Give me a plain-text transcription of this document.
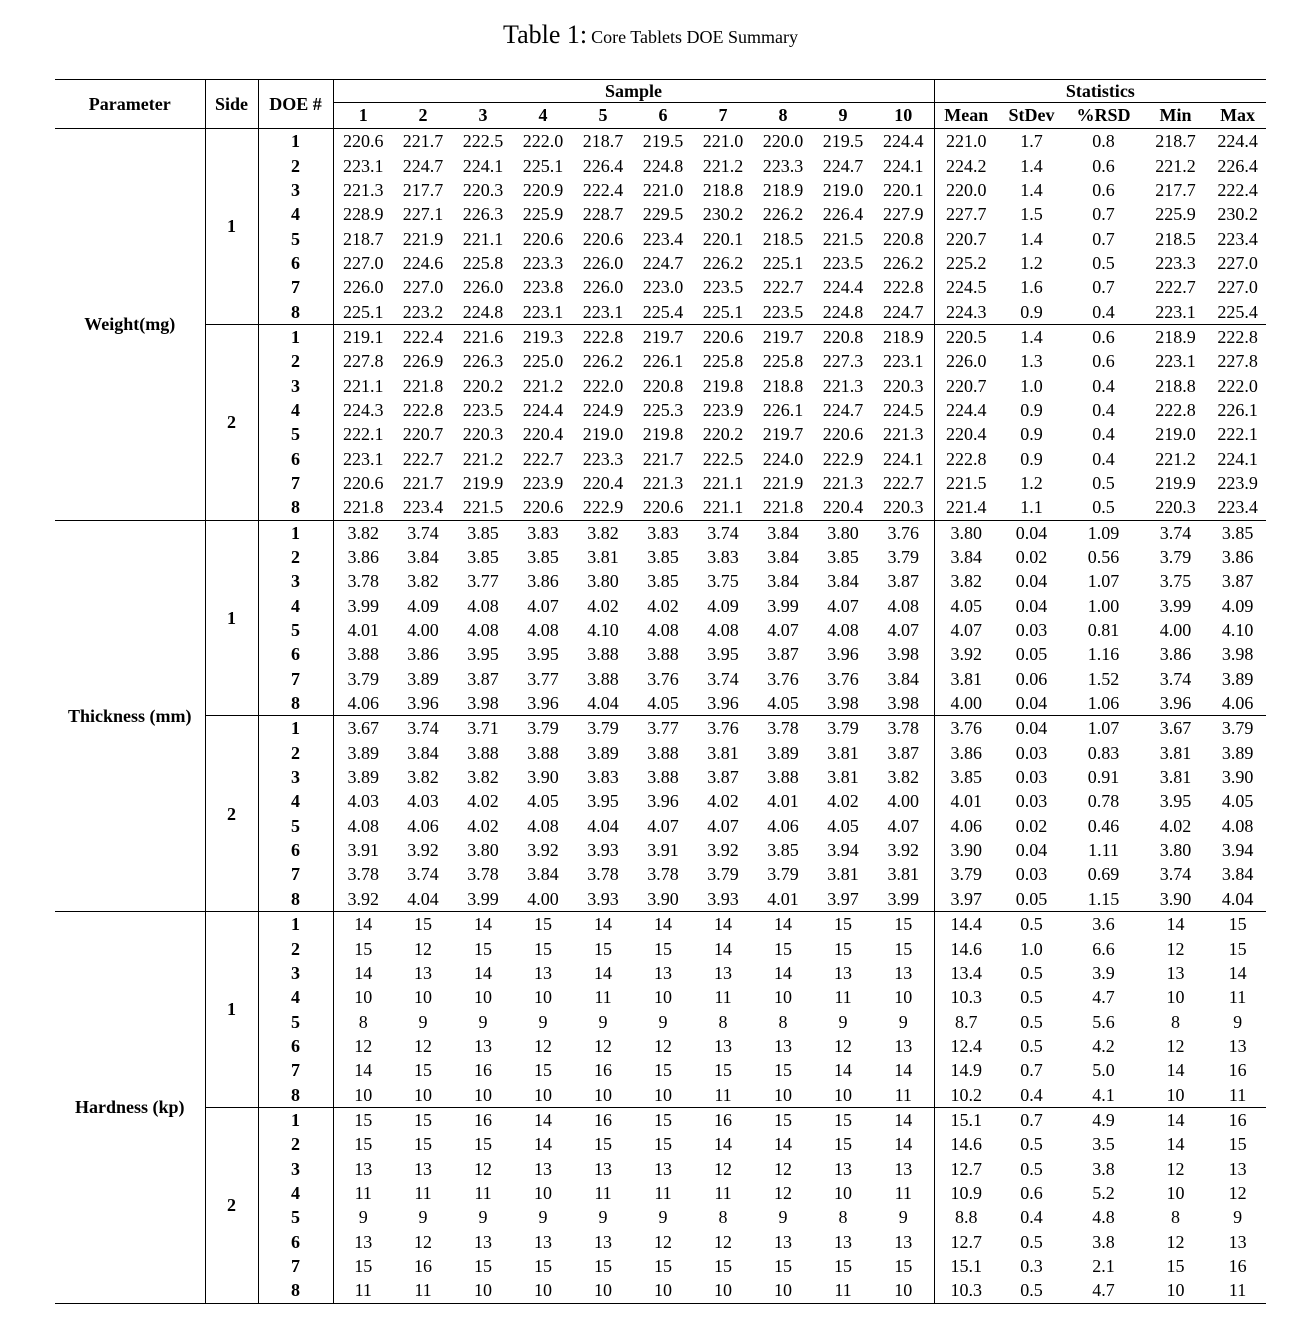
Table 1: Core Tablets DOE Summary
Parameter	Side	DOE #	Sample										Statistics				
			1	2	3	4	5	6	7	8	9	10	Mean	StDev	%RSD	Min	Max
Weight(mg)	1	1	220.6	221.7	222.5	222.0	218.7	219.5	221.0	220.0	219.5	224.4	221.0	1.7	0.8	218.7	224.4
		2	223.1	224.7	224.1	225.1	226.4	224.8	221.2	223.3	224.7	224.1	224.2	1.4	0.6	221.2	226.4
		3	221.3	217.7	220.3	220.9	222.4	221.0	218.8	218.9	219.0	220.1	220.0	1.4	0.6	217.7	222.4
		4	228.9	227.1	226.3	225.9	228.7	229.5	230.2	226.2	226.4	227.9	227.7	1.5	0.7	225.9	230.2
		5	218.7	221.9	221.1	220.6	220.6	223.4	220.1	218.5	221.5	220.8	220.7	1.4	0.7	218.5	223.4
		6	227.0	224.6	225.8	223.3	226.0	224.7	226.2	225.1	223.5	226.2	225.2	1.2	0.5	223.3	227.0
		7	226.0	227.0	226.0	223.8	226.0	223.0	223.5	222.7	224.4	222.8	224.5	1.6	0.7	222.7	227.0
		8	225.1	223.2	224.8	223.1	223.1	225.4	225.1	223.5	224.8	224.7	224.3	0.9	0.4	223.1	225.4
	2	1	219.1	222.4	221.6	219.3	222.8	219.7	220.6	219.7	220.8	218.9	220.5	1.4	0.6	218.9	222.8
		2	227.8	226.9	226.3	225.0	226.2	226.1	225.8	225.8	227.3	223.1	226.0	1.3	0.6	223.1	227.8
		3	221.1	221.8	220.2	221.2	222.0	220.8	219.8	218.8	221.3	220.3	220.7	1.0	0.4	218.8	222.0
		4	224.3	222.8	223.5	224.4	224.9	225.3	223.9	226.1	224.7	224.5	224.4	0.9	0.4	222.8	226.1
		5	222.1	220.7	220.3	220.4	219.0	219.8	220.2	219.7	220.6	221.3	220.4	0.9	0.4	219.0	222.1
		6	223.1	222.7	221.2	222.7	223.3	221.7	222.5	224.0	222.9	224.1	222.8	0.9	0.4	221.2	224.1
		7	220.6	221.7	219.9	223.9	220.4	221.3	221.1	221.9	221.3	222.7	221.5	1.2	0.5	219.9	223.9
		8	221.8	223.4	221.5	220.6	222.9	220.6	221.1	221.8	220.4	220.3	221.4	1.1	0.5	220.3	223.4
Thickness (mm)	1	1	3.82	3.74	3.85	3.83	3.82	3.83	3.74	3.84	3.80	3.76	3.80	0.04	1.09	3.74	3.85
		2	3.86	3.84	3.85	3.85	3.81	3.85	3.83	3.84	3.85	3.79	3.84	0.02	0.56	3.79	3.86
		3	3.78	3.82	3.77	3.86	3.80	3.85	3.75	3.84	3.84	3.87	3.82	0.04	1.07	3.75	3.87
		4	3.99	4.09	4.08	4.07	4.02	4.02	4.09	3.99	4.07	4.08	4.05	0.04	1.00	3.99	4.09
		5	4.01	4.00	4.08	4.08	4.10	4.08	4.08	4.07	4.08	4.07	4.07	0.03	0.81	4.00	4.10
		6	3.88	3.86	3.95	3.95	3.88	3.88	3.95	3.87	3.96	3.98	3.92	0.05	1.16	3.86	3.98
		7	3.79	3.89	3.87	3.77	3.88	3.76	3.74	3.76	3.76	3.84	3.81	0.06	1.52	3.74	3.89
		8	4.06	3.96	3.98	3.96	4.04	4.05	3.96	4.05	3.98	3.98	4.00	0.04	1.06	3.96	4.06
	2	1	3.67	3.74	3.71	3.79	3.79	3.77	3.76	3.78	3.79	3.78	3.76	0.04	1.07	3.67	3.79
		2	3.89	3.84	3.88	3.88	3.89	3.88	3.81	3.89	3.81	3.87	3.86	0.03	0.83	3.81	3.89
		3	3.89	3.82	3.82	3.90	3.83	3.88	3.87	3.88	3.81	3.82	3.85	0.03	0.91	3.81	3.90
		4	4.03	4.03	4.02	4.05	3.95	3.96	4.02	4.01	4.02	4.00	4.01	0.03	0.78	3.95	4.05
		5	4.08	4.06	4.02	4.08	4.04	4.07	4.07	4.06	4.05	4.07	4.06	0.02	0.46	4.02	4.08
		6	3.91	3.92	3.80	3.92	3.93	3.91	3.92	3.85	3.94	3.92	3.90	0.04	1.11	3.80	3.94
		7	3.78	3.74	3.78	3.84	3.78	3.78	3.79	3.79	3.81	3.81	3.79	0.03	0.69	3.74	3.84
		8	3.92	4.04	3.99	4.00	3.93	3.90	3.93	4.01	3.97	3.99	3.97	0.05	1.15	3.90	4.04
Hardness (kp)	1	1	14	15	14	15	14	14	14	14	15	15	14.4	0.5	3.6	14	15
		2	15	12	15	15	15	15	14	15	15	15	14.6	1.0	6.6	12	15
		3	14	13	14	13	14	13	13	14	13	13	13.4	0.5	3.9	13	14
		4	10	10	10	10	11	10	11	10	11	10	10.3	0.5	4.7	10	11
		5	8	9	9	9	9	9	8	8	9	9	8.7	0.5	5.6	8	9
		6	12	12	13	12	12	12	13	13	12	13	12.4	0.5	4.2	12	13
		7	14	15	16	15	16	15	15	15	14	14	14.9	0.7	5.0	14	16
		8	10	10	10	10	10	10	11	10	10	11	10.2	0.4	4.1	10	11
	2	1	15	15	16	14	16	15	16	15	15	14	15.1	0.7	4.9	14	16
		2	15	15	15	14	15	15	14	14	15	14	14.6	0.5	3.5	14	15
		3	13	13	12	13	13	13	12	12	13	13	12.7	0.5	3.8	12	13
		4	11	11	11	10	11	11	11	12	10	11	10.9	0.6	5.2	10	12
		5	9	9	9	9	9	9	8	9	8	9	8.8	0.4	4.8	8	9
		6	13	12	13	13	13	12	12	13	13	13	12.7	0.5	3.8	12	13
		7	15	16	15	15	15	15	15	15	15	15	15.1	0.3	2.1	15	16
		8	11	11	10	10	10	10	10	10	11	10	10.3	0.5	4.7	10	11
